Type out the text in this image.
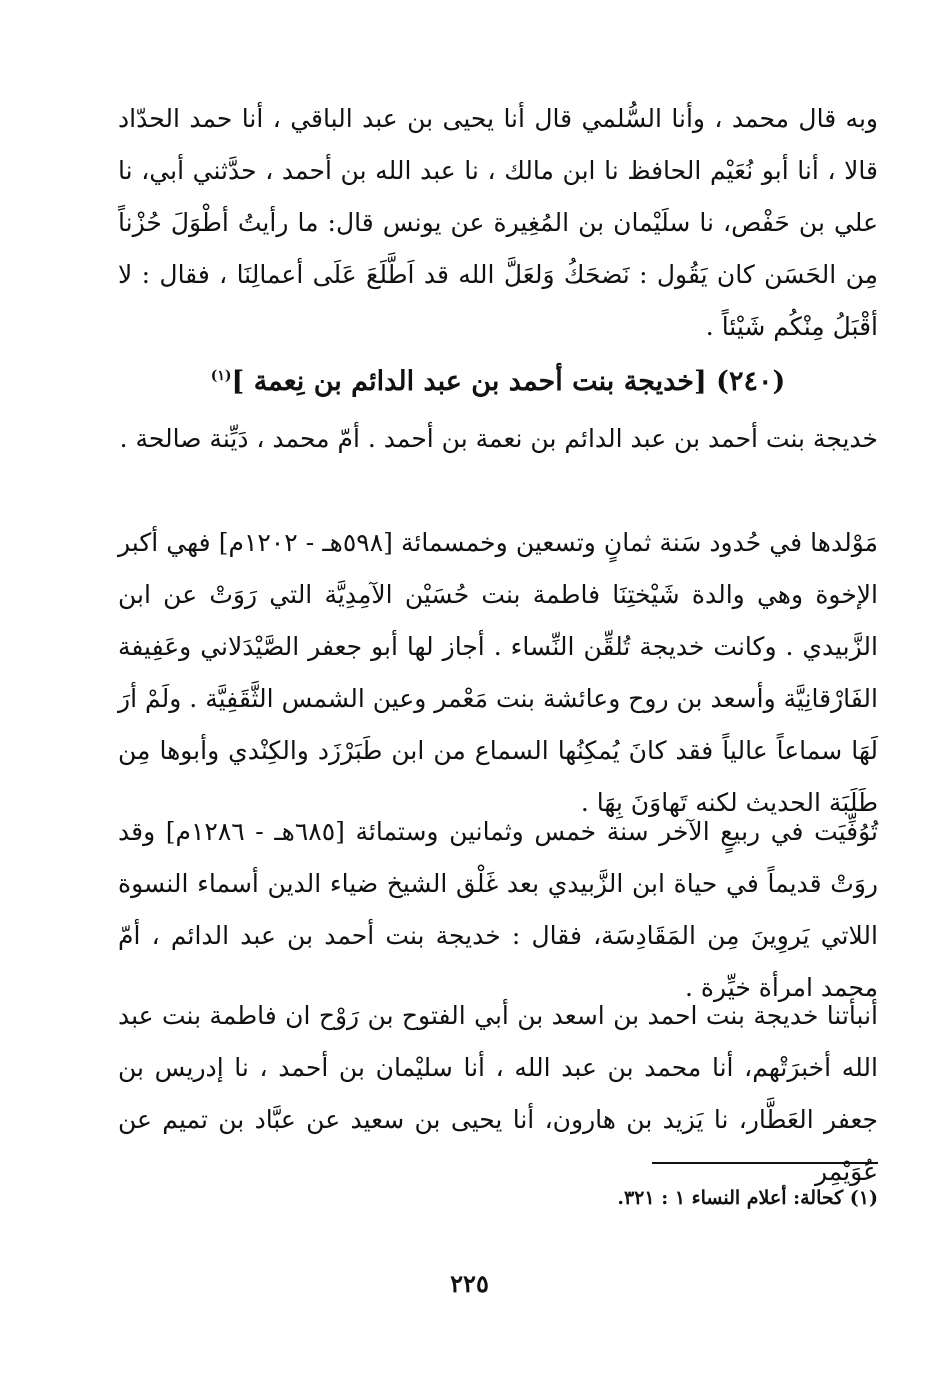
وبه قال محمد ، وأنا السُّلمي قال أنا يحيى بن عبد الباقي ، أنا حمد الحدّاد قالا ، أنا أبو نُعَيْم الحافظ نا ابن مالك ، نا عبد الله بن أحمد ، حدَّثني أبي، نا علي بن حَفْص، نا سلَيْمان بن المُغِيرة عن يونس قال: ما رأيتُ أطْوَلَ حُزْناً مِن الحَسَن كان يَقُول : نَضحَكُ وَلعَلَّ الله قد اَطَّلَعَ عَلَى أعمالِنَا ، فقال : لا أقْبَلُ مِنْكُم شَيْئاً .

(٢٤٠) [خديجة بنت أحمد بن عبد الدائم بن نِعمة ]$^{(١)}$

خديجة بنت أحمد بن عبد الدائم بن نعمة بن أحمد . أمّ محمد ، دَيِّنة صالحة .

مَوْلدها في حُدود سَنة ثمانٍ وتسعين وخمسمائة [٥٩٨هـ - ١٢٠٢م] فهي أكبر الإخوة وهي والدة شَيْختِنَا فاطمة بنت حُسَيْن الآمِدِيَّة التي رَوَتْ عن ابن الزَّبيدي . وكانت خديجة تُلقِّن النِّساء . أجاز لها أبو جعفر الصَّيْدَلاني وعَفِيفة الفَارْقانِيَّة وأسعد بن روح وعائشة بنت مَعْمر وعين الشمس الثَّقَفِيَّة . ولَمْ أرَ لَهَا سماعاً عالياً فقد كانَ يُمكِنُها السماع من ابن طَبَرْزَد والكِنْدي وأبوها مِن طَلَبَة الحديث لكنه تَهاوَنَ بِهَا .

تُوُفِّيَت في ربيعٍ الآخر سنة خمس وثمانين وستمائة [٦٨٥هـ - ١٢٨٦م] وقد روَتْ قديماً في حياة ابن الزَّبيدي بعد غَلْق الشيخ ضياء الدين أسماء النسوة اللاتي يَروِينَ مِن المَقَادِسَة، فقال : خديجة بنت أحمد بن عبد الدائم ، أمّ محمد امرأة خيِّرة .

أنبأتنا خديجة بنت احمد بن اسعد بن أبي الفتوح بن رَوْح ان فاطمة بنت عبد الله أخبرَتْهم، أنا محمد بن عبد الله ، أنا سليْمان بن أحمد ، نا إدريس بن جعفر العَطَّار، نا يَزيد بن هارون، أنا يحيى بن سعيد عن عبَّاد بن تميم عن عُوَيْمِر

(١) كحالة: أعلام النساء ١ : ٣٢١.

٢٢٥
